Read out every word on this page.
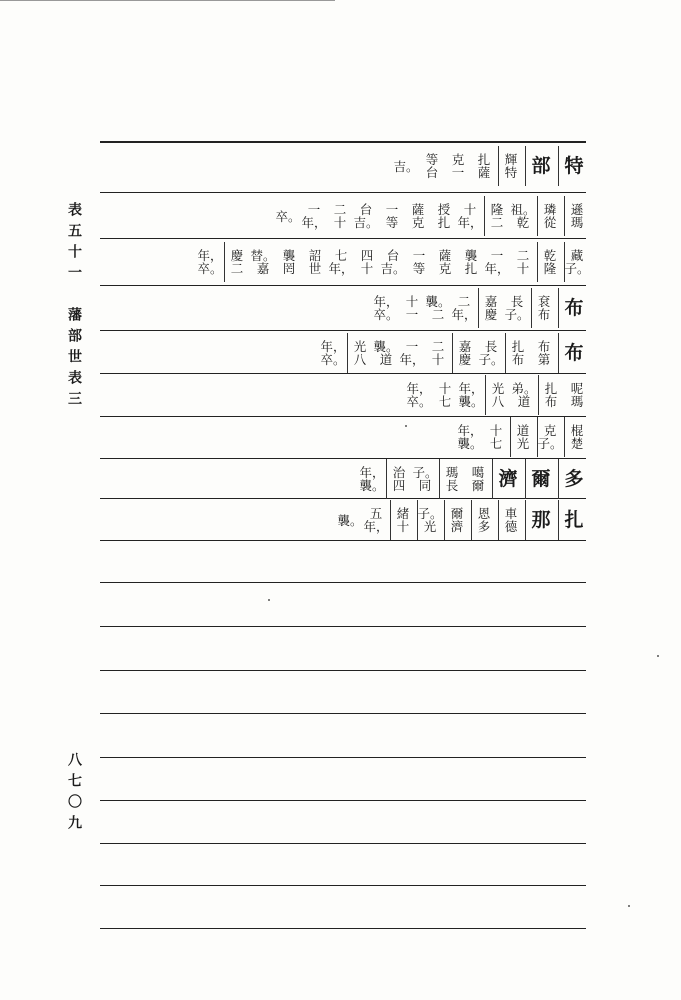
表五十一　藩部世表三
八七〇九
特
部
輝
特
扎
薩
克
一
等
台
吉。
遜
瑪
璘
從
祖。
乾
隆
二
十
年，
授
扎
薩
克
一
等
台
吉。
二
十
一
年，
卒。
藏
子。
乾
隆
二
十
一
年，
襲
扎
薩
克
一
等
台
吉。
四
十
七
年，
詔
世
襲
罔
替。
嘉
慶
二
年，
卒。
布
袞
布
長
子。
嘉
慶
二
年，
襲。
二
十
一
年，
卒。
布
布
第
扎
布
長
子。
嘉
慶
二
十
一
年，
襲。
道
光
八
年，
卒。
呢
瑪
扎
布
弟。
道
光
八
年，
襲。
十
七
年，
卒。
棍
楚
克
子。
道
光
十
七
年，
襲。
多
爾
濟
噶
爾
瑪
長
子。
同
治
四
年，
襲。
扎
那
車
德
恩
多
爾
濟
子。
光
緒
十
五
年，
襲。
